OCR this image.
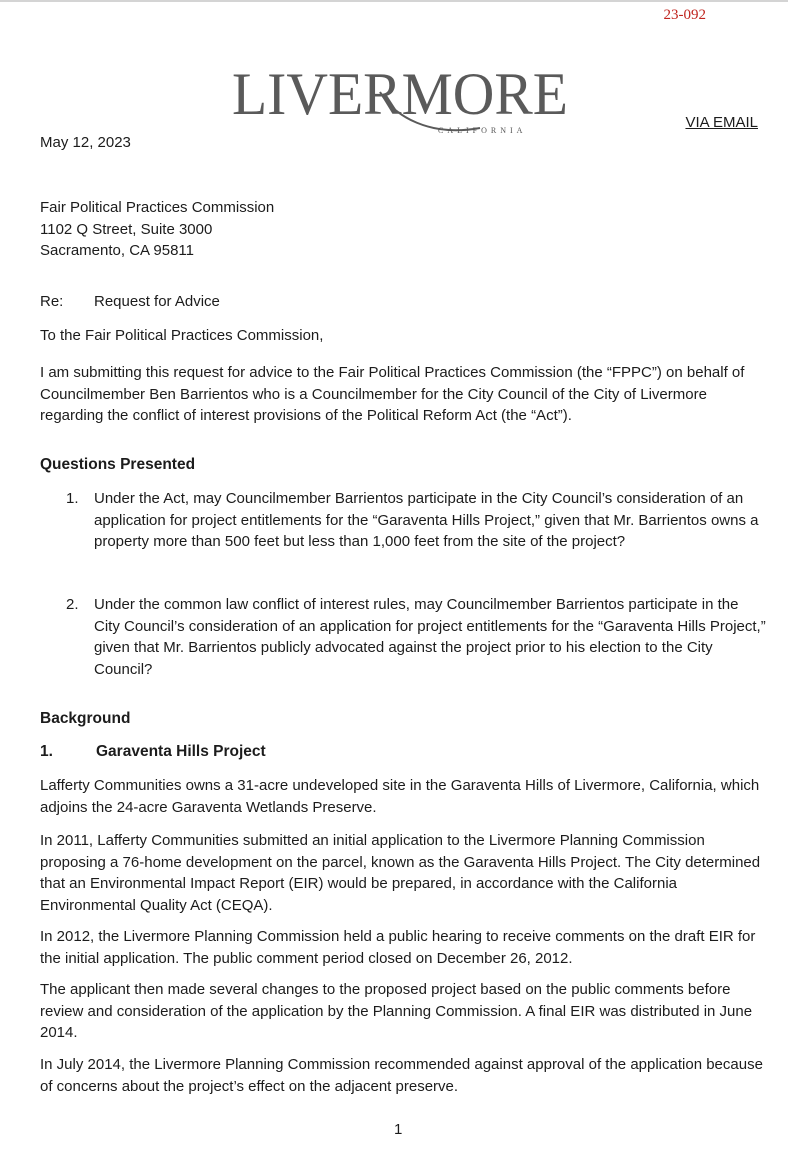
23-092
LIVERMORE
CALIFORNIA	VIA EMAIL
May 12, 2023
Fair Political Practices Commission
1102 Q Street, Suite 3000
Sacramento, CA 95811
Re: Request for Advice

To the Fair Political Practices Commission,

I am submitting this request for advice to the Fair Political Practices Commission (the “FPPC”) on behalf of Councilmember Ben Barrientos who is a Councilmember for the City Council of the City of Livermore regarding the conflict of interest provisions of the Political Reform Act (the “Act”).

Questions Presented
1. Under the Act, may Councilmember Barrientos participate in the City Council’s consideration of an application for project entitlements for the “Garaventa Hills Project,” given that Mr. Barrientos owns a property more than 500 feet but less than 1,000 feet from the site of the project?
2. Under the common law conflict of interest rules, may Councilmember Barrientos participate in the City Council’s consideration of an application for project entitlements for the “Garaventa Hills Project,” given that Mr. Barrientos publicly advocated against the project prior to his election to the City Council?
Background
1.	Garaventa Hills Project

Lafferty Communities owns a 31-acre undeveloped site in the Garaventa Hills of Livermore, California, which adjoins the 24-acre Garaventa Wetlands Preserve.

In 2011, Lafferty Communities submitted an initial application to the Livermore Planning Commission proposing a 76-home development on the parcel, known as the Garaventa Hills Project. The City determined that an Environmental Impact Report (EIR) would be prepared, in accordance with the California Environmental Quality Act (CEQA).

In 2012, the Livermore Planning Commission held a public hearing to receive comments on the draft EIR for the initial application. The public comment period closed on December 26, 2012.

The applicant then made several changes to the proposed project based on the public comments before review and consideration of the application by the Planning Commission. A final EIR was distributed in June 2014.

In July 2014, the Livermore Planning Commission recommended against approval of the application because of concerns about the project’s effect on the adjacent preserve.

1
